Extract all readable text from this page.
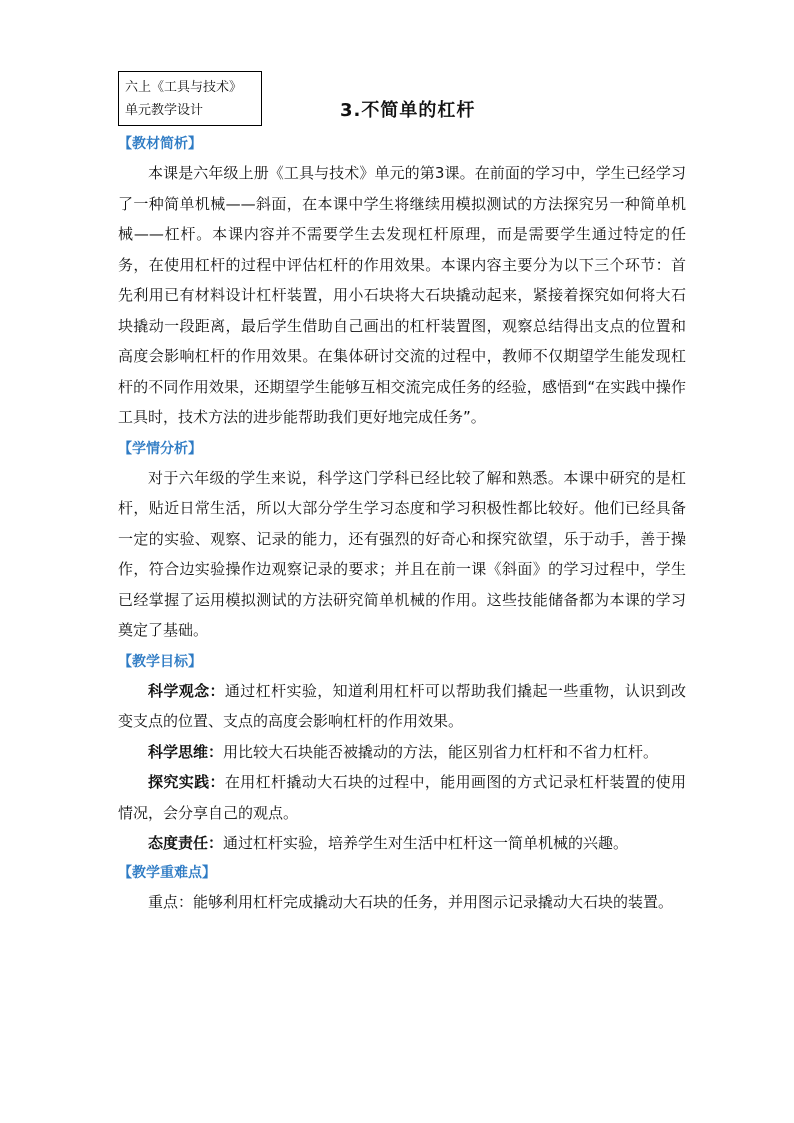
六上《工具与技术》
单元教学设计	3.不简单的杠杆
【教材简析】

本课是六年级上册《工具与技术》单元的第3课。在前面的学习中，学生已经学习了一种简单机械——斜面，在本课中学生将继续用模拟测试的方法探究另一种简单机械——杠杆。本课内容并不需要学生去发现杠杆原理，而是需要学生通过特定的任务，在使用杠杆的过程中评估杠杆的作用效果。本课内容主要分为以下三个环节：首先利用已有材料设计杠杆装置，用小石块将大石块撬动起来，紧接着探究如何将大石块撬动一段距离，最后学生借助自己画出的杠杆装置图，观察总结得出支点的位置和高度会影响杠杆的作用效果。在集体研讨交流的过程中，教师不仅期望学生能发现杠杆的不同作用效果，还期望学生能够互相交流完成任务的经验，感悟到“在实践中操作工具时，技术方法的进步能帮助我们更好地完成任务”。

【学情分析】

对于六年级的学生来说，科学这门学科已经比较了解和熟悉。本课中研究的是杠杆，贴近日常生活，所以大部分学生学习态度和学习积极性都比较好。他们已经具备一定的实验、观察、记录的能力，还有强烈的好奇心和探究欲望，乐于动手，善于操作，符合边实验操作边观察记录的要求；并且在前一课《斜面》的学习过程中，学生已经掌握了运用模拟测试的方法研究简单机械的作用。这些技能储备都为本课的学习奠定了基础。

【教学目标】

科学观念：通过杠杆实验，知道利用杠杆可以帮助我们撬起一些重物，认识到改变支点的位置、支点的高度会影响杠杆的作用效果。

科学思维：用比较大石块能否被撬动的方法，能区别省力杠杆和不省力杠杆。

探究实践：在用杠杆撬动大石块的过程中，能用画图的方式记录杠杆装置的使用情况，会分享自己的观点。

态度责任：通过杠杆实验，培养学生对生活中杠杆这一简单机械的兴趣。

【教学重难点】

重点：能够利用杠杆完成撬动大石块的任务，并用图示记录撬动大石块的装置。
